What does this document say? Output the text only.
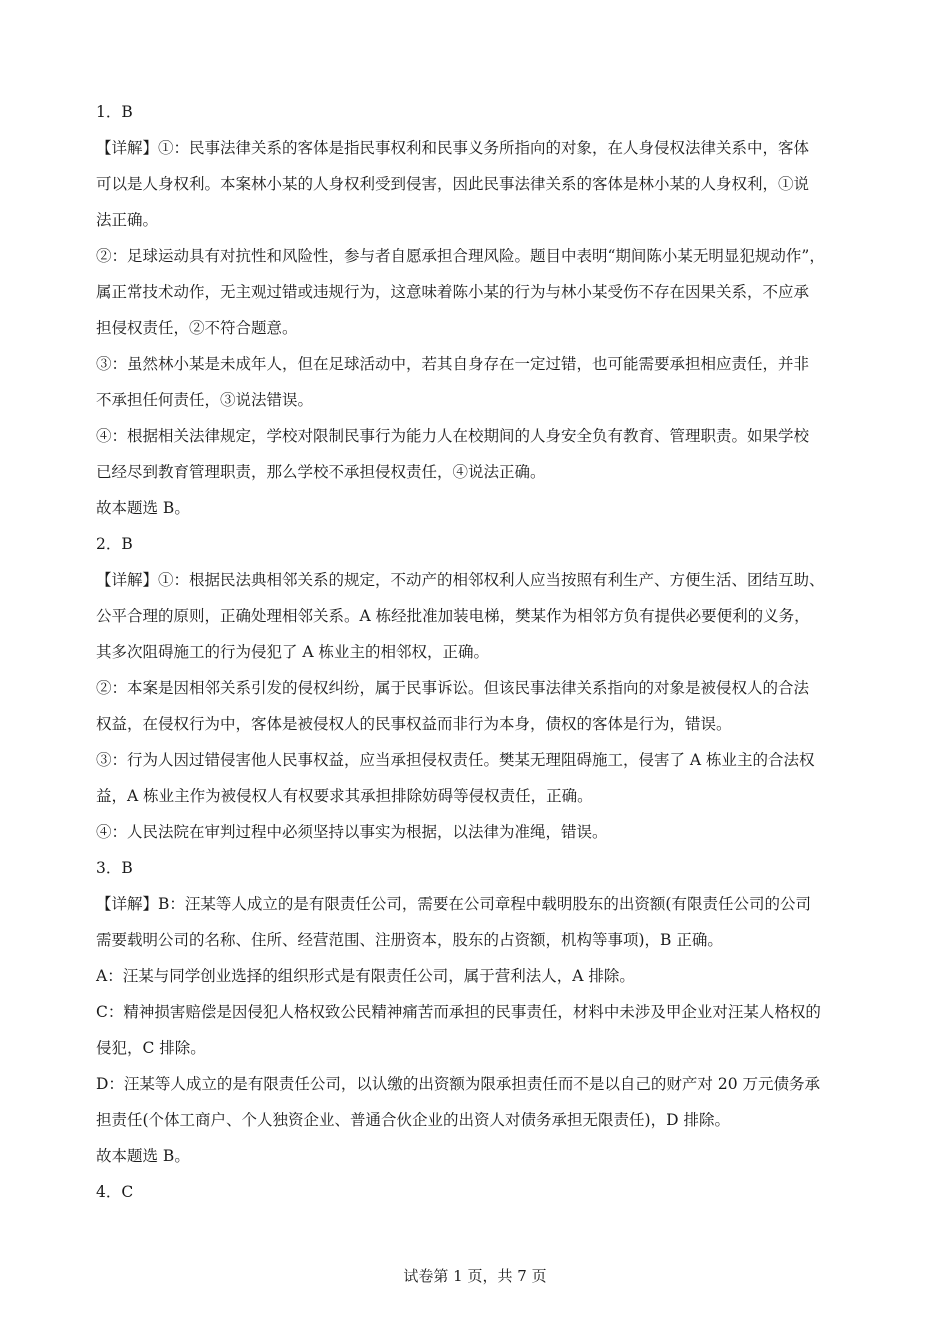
1．B
【详解】①：民事法律关系的客体是指民事权利和民事义务所指向的对象，在人身侵权法律关系中，客体
可以是人身权利。本案林小某的人身权利受到侵害，因此民事法律关系的客体是林小某的人身权利，①说
法正确。
②：足球运动具有对抗性和风险性，参与者自愿承担合理风险。题目中表明“期间陈小某无明显犯规动作”，
属正常技术动作，无主观过错或违规行为，这意味着陈小某的行为与林小某受伤不存在因果关系，不应承
担侵权责任，②不符合题意。
③：虽然林小某是未成年人，但在足球活动中，若其自身存在一定过错，也可能需要承担相应责任，并非
不承担任何责任，③说法错误。
④：根据相关法律规定，学校对限制民事行为能力人在校期间的人身安全负有教育、管理职责。如果学校
已经尽到教育管理职责，那么学校不承担侵权责任，④说法正确。
故本题选 B。
2．B
【详解】①：根据民法典相邻关系的规定，不动产的相邻权利人应当按照有利生产、方便生活、团结互助、
公平合理的原则，正确处理相邻关系。A 栋经批准加装电梯，樊某作为相邻方负有提供必要便利的义务，
其多次阻碍施工的行为侵犯了 A 栋业主的相邻权，正确。
②：本案是因相邻关系引发的侵权纠纷，属于民事诉讼。但该民事法律关系指向的对象是被侵权人的合法
权益，在侵权行为中，客体是被侵权人的民事权益而非行为本身，债权的客体是行为，错误。
③：行为人因过错侵害他人民事权益，应当承担侵权责任。樊某无理阻碍施工，侵害了 A 栋业主的合法权
益，A 栋业主作为被侵权人有权要求其承担排除妨碍等侵权责任，正确。
④：人民法院在审判过程中必须坚持以事实为根据，以法律为准绳，错误。
3．B
【详解】B：汪某等人成立的是有限责任公司，需要在公司章程中载明股东的出资额(有限责任公司的公司
需要载明公司的名称、住所、经营范围、注册资本，股东的占资额，机构等事项)，B 正确。
A：汪某与同学创业选择的组织形式是有限责任公司，属于营利法人，A 排除。
C：精神损害赔偿是因侵犯人格权致公民精神痛苦而承担的民事责任，材料中未涉及甲企业对汪某人格权的
侵犯，C 排除。
D：汪某等人成立的是有限责任公司，以认缴的出资额为限承担责任而不是以自己的财产对 20 万元债务承
担责任(个体工商户、个人独资企业、普通合伙企业的出资人对债务承担无限责任)，D 排除。
故本题选 B。
4．C
试卷第 1 页，共 7 页
